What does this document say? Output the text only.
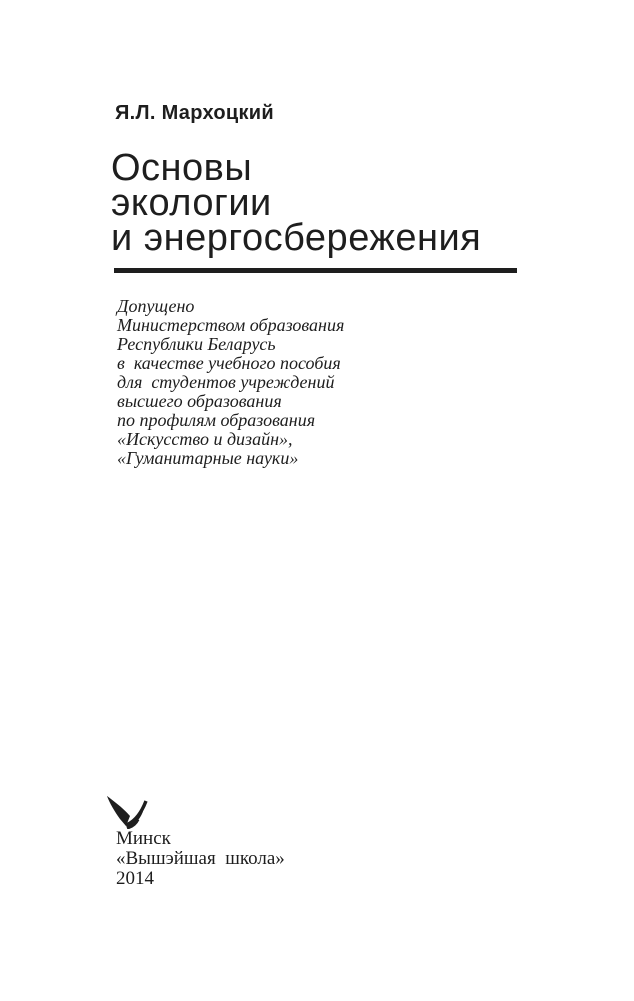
Я.Л. Мархоцкий
Основы
экологии
и энергосбережения
Допущено
Министерством образования
Республики Беларусь
в  качестве учебного пособия
для  студентов учреждений
высшего образования
по профилям образования
«Искусство и дизайн»,
«Гуманитарные науки»
Минск
«Вышэйшая  школа»
2014
